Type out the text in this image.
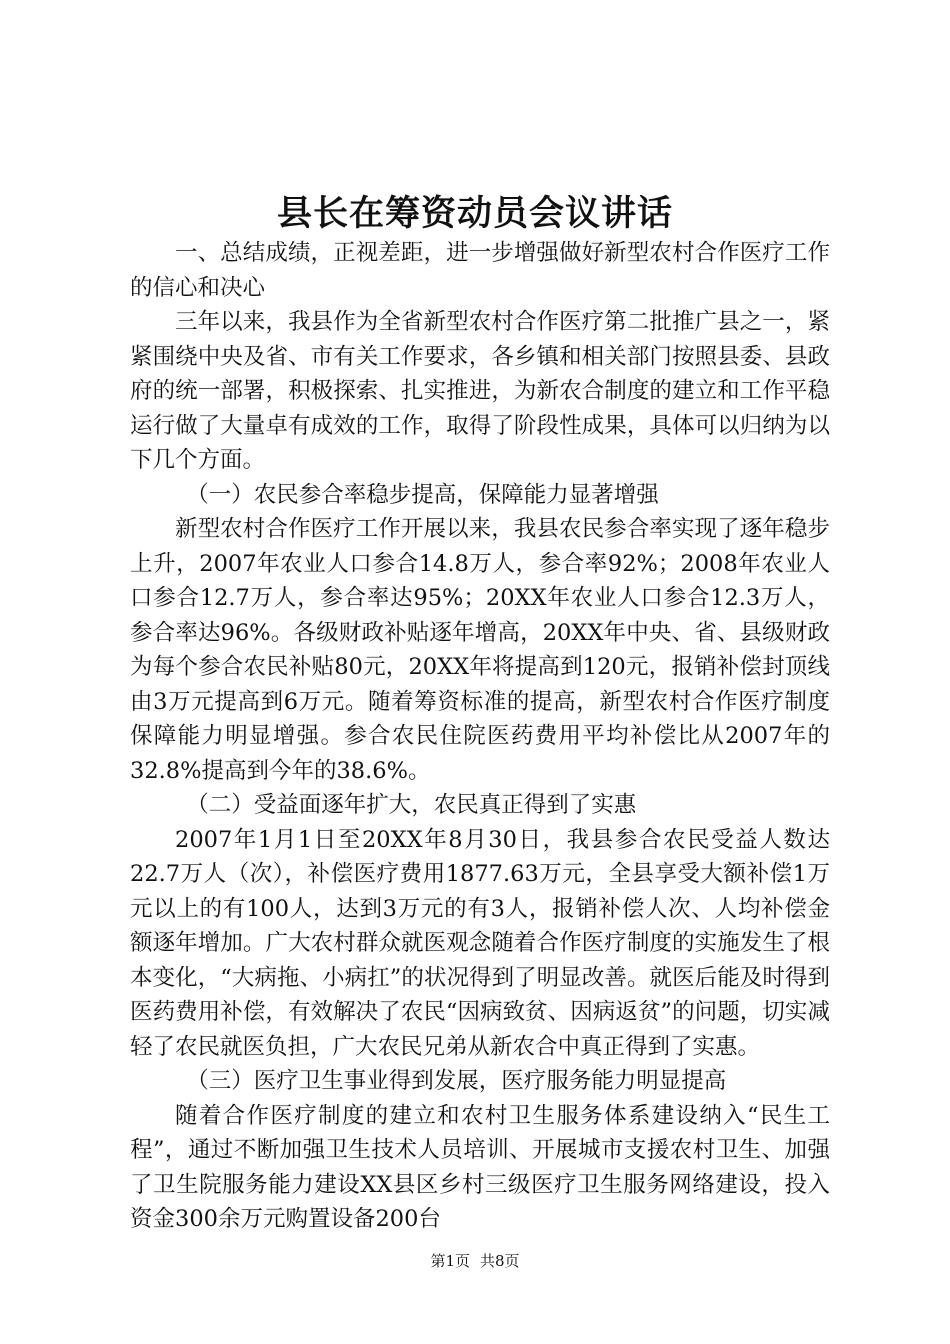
县长在筹资动员会议讲话

一、总结成绩，正视差距，进一步增强做好新型农村合作医疗工作的信心和决心

三年以来，我县作为全省新型农村合作医疗第二批推广县之一，紧紧围绕中央及省、市有关工作要求，各乡镇和相关部门按照县委、县政府的统一部署，积极探索、扎实推进，为新农合制度的建立和工作平稳运行做了大量卓有成效的工作，取得了阶段性成果，具体可以归纳为以下几个方面。

（一）农民参合率稳步提高，保障能力显著增强

新型农村合作医疗工作开展以来，我县农民参合率实现了逐年稳步上升，2007年农业人口参合14.8万人，参合率92%；2008年农业人口参合12.7万人，参合率达95%；20XX年农业人口参合12.3万人，参合率达96%。各级财政补贴逐年增高，20XX年中央、省、县级财政为每个参合农民补贴80元，20XX年将提高到120元，报销补偿封顶线由3万元提高到6万元。随着筹资标准的提高，新型农村合作医疗制度保障能力明显增强。参合农民住院医药费用平均补偿比从2007年的32.8%提高到今年的38.6%。

（二）受益面逐年扩大，农民真正得到了实惠

2007年1月1日至20XX年8月30日，我县参合农民受益人数达22.7万人（次），补偿医疗费用1877.63万元，全县享受大额补偿1万元以上的有100人，达到3万元的有3人，报销补偿人次、人均补偿金额逐年增加。广大农村群众就医观念随着合作医疗制度的实施发生了根本变化，“大病拖、小病扛”的状况得到了明显改善。就医后能及时得到医药费用补偿，有效解决了农民“因病致贫、因病返贫”的问题，切实减轻了农民就医负担，广大农民兄弟从新农合中真正得到了实惠。

（三）医疗卫生事业得到发展，医疗服务能力明显提高

随着合作医疗制度的建立和农村卫生服务体系建设纳入“民生工程”，通过不断加强卫生技术人员培训、开展城市支援农村卫生、加强了卫生院服务能力建设XX县区乡村三级医疗卫生服务网络建设，投入资金300余万元购置设备200台

第1页 共8页
